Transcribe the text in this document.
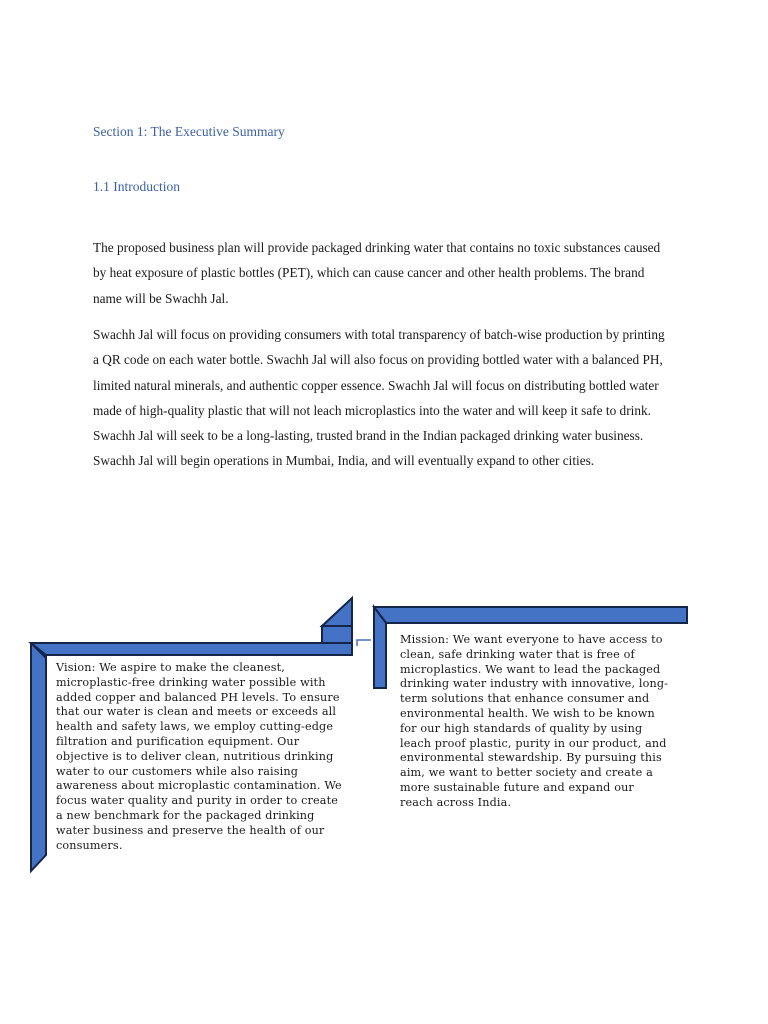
Section 1: The Executive Summary
1.1 Introduction

The proposed business plan will provide packaged drinking water that contains no toxic substances caused by heat exposure of plastic bottles (PET), which can cause cancer and other health problems. The brand name will be Swachh Jal.

Swachh Jal will focus on providing consumers with total transparency of batch-wise production by printing a QR code on each water bottle. Swachh Jal will also focus on providing bottled water with a balanced PH, limited natural minerals, and authentic copper essence. Swachh Jal will focus on distributing bottled water made of high-quality plastic that will not leach microplastics into the water and will keep it safe to drink. Swachh Jal will seek to be a long-lasting, trusted brand in the Indian packaged drinking water business. Swachh Jal will begin operations in Mumbai, India, and will eventually expand to other cities.

Vision: We aspire to make the cleanest, microplastic-free drinking water possible with added copper and balanced PH levels. To ensure that our water is clean and meets or exceeds all health and safety laws, we employ cutting-edge filtration and purification equipment. Our objective is to deliver clean, nutritious drinking water to our customers while also raising awareness about microplastic contamination. We focus water quality and purity in order to create a new benchmark for the packaged drinking water business and preserve the health of our consumers.

Mission: We want everyone to have access to clean, safe drinking water that is free of microplastics. We want to lead the packaged drinking water industry with innovative, long-term solutions that enhance consumer and environmental health. We wish to be known for our high standards of quality by using leach proof plastic, purity in our product, and environmental stewardship. By pursuing this aim, we want to better society and create a more sustainable future and expand our reach across India.
